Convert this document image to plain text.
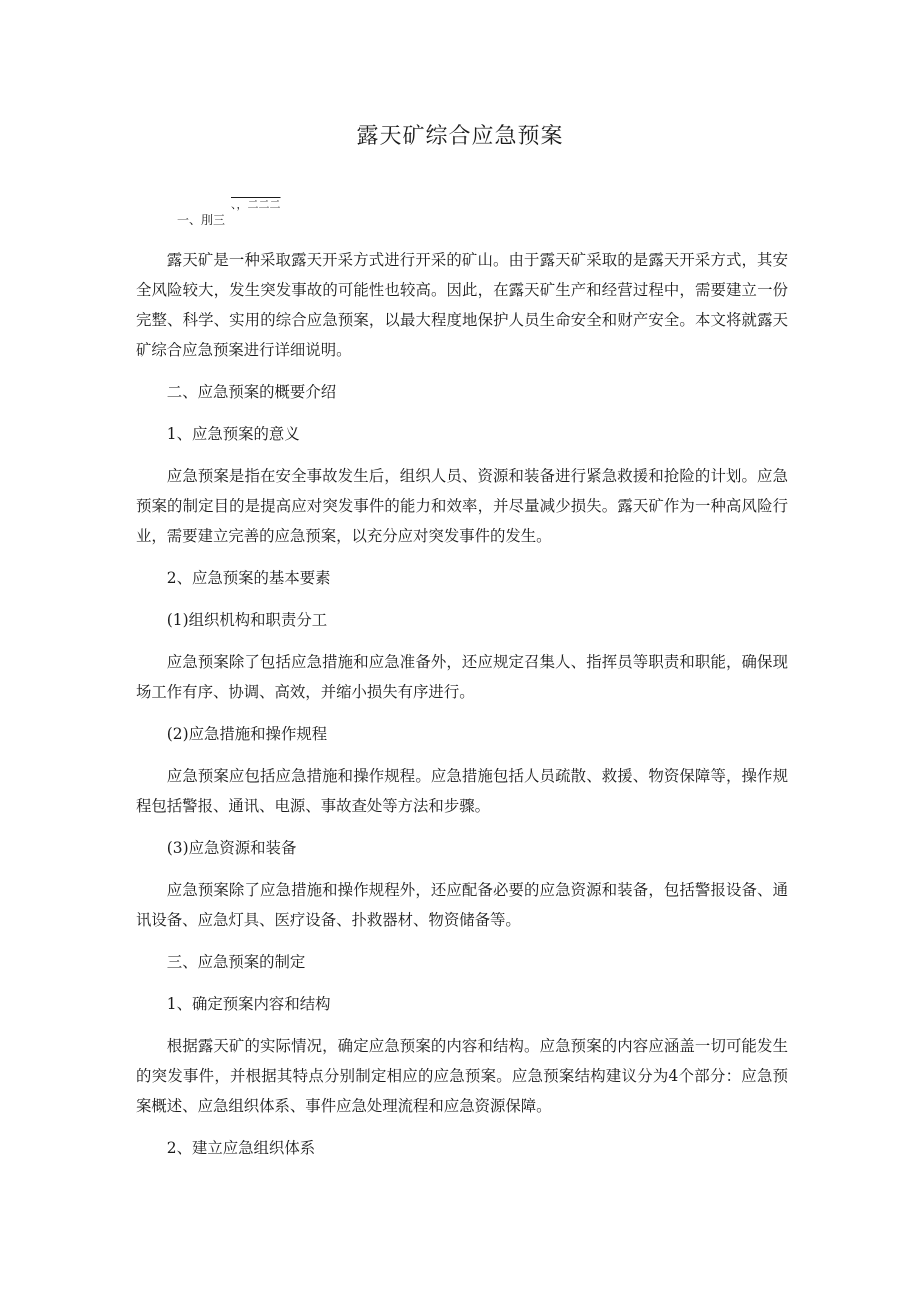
露天矿综合应急预案
、，二二二
一、刖三

露天矿是一种采取露天开采方式进行开采的矿山。由于露天矿采取的是露天开采方式，其安全风险较大，发生突发事故的可能性也较高。因此，在露天矿生产和经营过程中，需要建立一份完整、科学、实用的综合应急预案，以最大程度地保护人员生命安全和财产安全。本文将就露天矿综合应急预案进行详细说明。

二、应急预案的概要介绍

1、应急预案的意义

应急预案是指在安全事故发生后，组织人员、资源和装备进行紧急救援和抢险的计划。应急预案的制定目的是提高应对突发事件的能力和效率，并尽量减少损失。露天矿作为一种高风险行业，需要建立完善的应急预案，以充分应对突发事件的发生。

2、应急预案的基本要素

(1)组织机构和职责分工

应急预案除了包括应急措施和应急准备外，还应规定召集人、指挥员等职责和职能，确保现场工作有序、协调、高效，并缩小损失有序进行。

(2)应急措施和操作规程

应急预案应包括应急措施和操作规程。应急措施包括人员疏散、救援、物资保障等，操作规程包括警报、通讯、电源、事故查处等方法和步骤。

(3)应急资源和装备

应急预案除了应急措施和操作规程外，还应配备必要的应急资源和装备，包括警报设备、通讯设备、应急灯具、医疗设备、扑救器材、物资储备等。

三、应急预案的制定

1、确定预案内容和结构

根据露天矿的实际情况，确定应急预案的内容和结构。应急预案的内容应涵盖一切可能发生的突发事件，并根据其特点分别制定相应的应急预案。应急预案结构建议分为4个部分：应急预案概述、应急组织体系、事件应急处理流程和应急资源保障。

2、建立应急组织体系
